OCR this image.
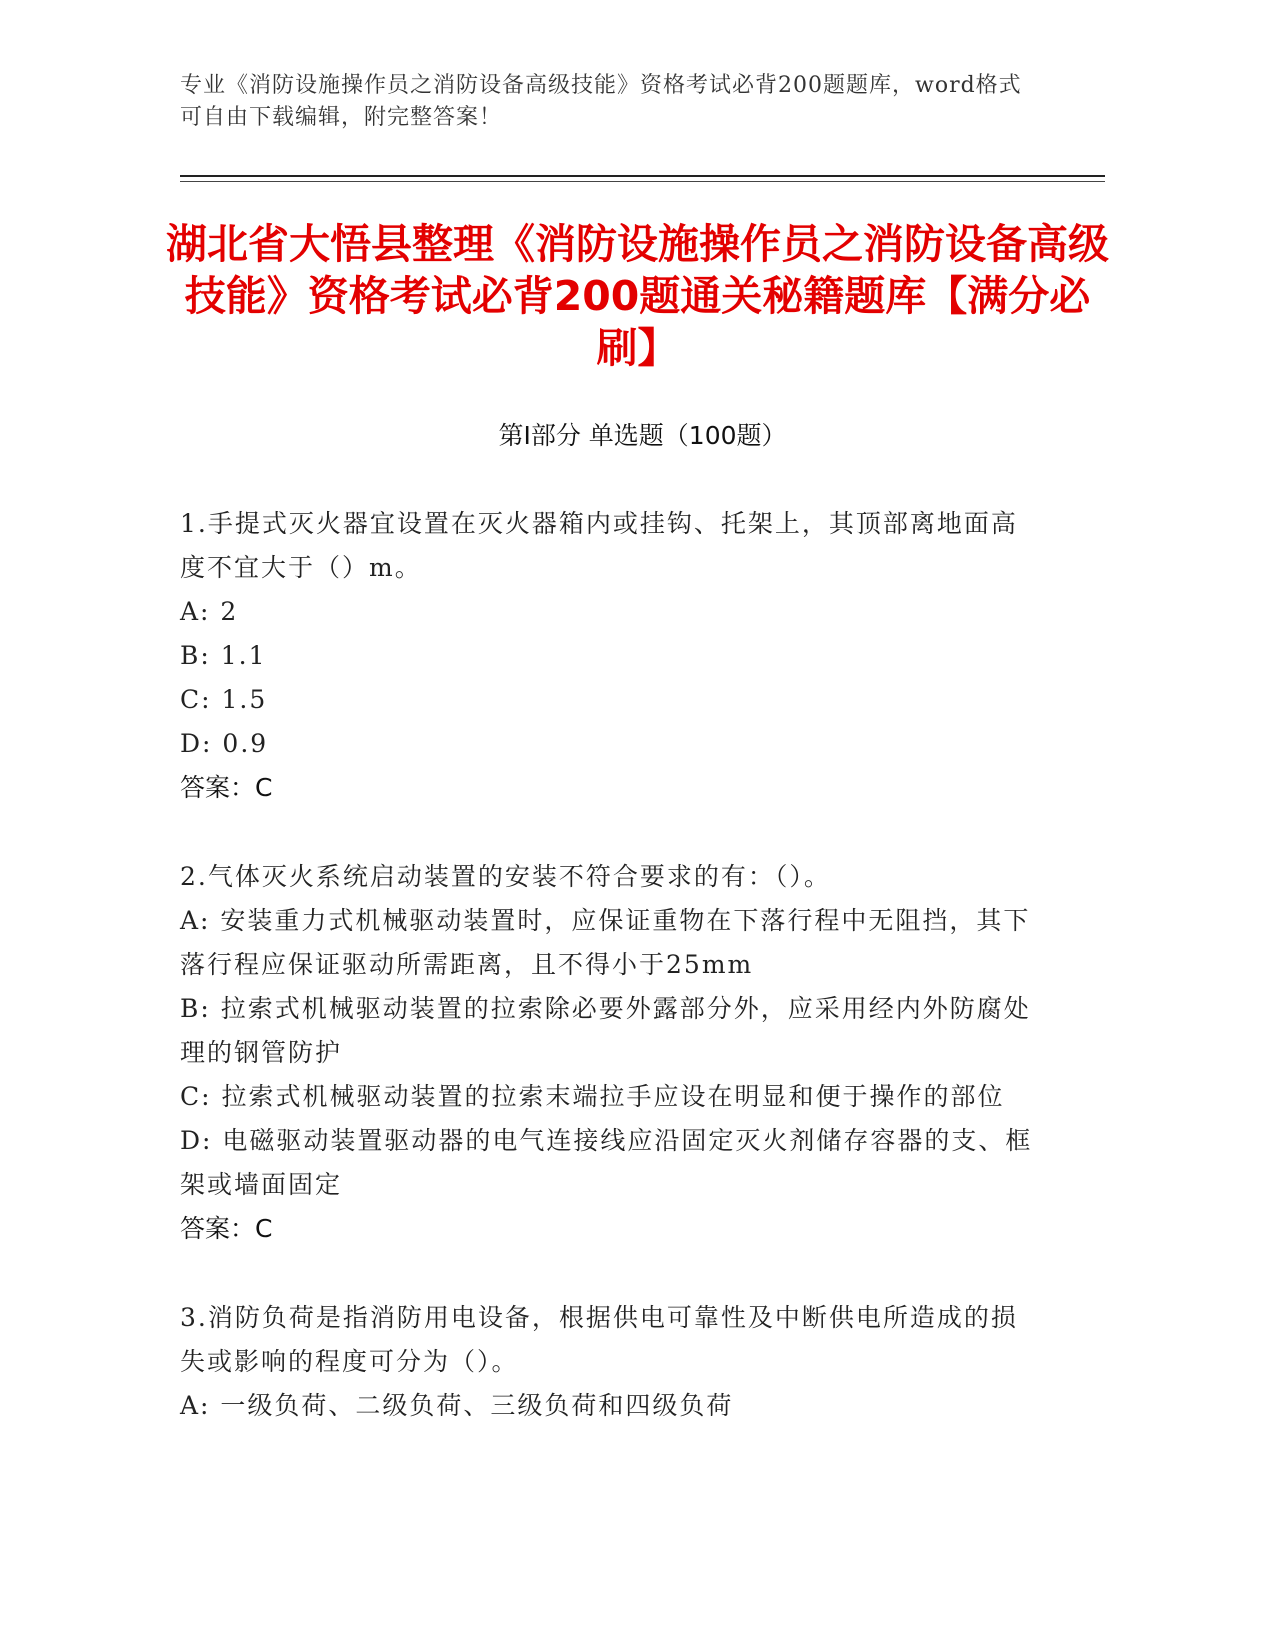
专业《消防设施操作员之消防设备高级技能》资格考试必背200题题库，word格式可自由下载编辑，附完整答案！
湖北省大悟县整理《消防设施操作员之消防设备高级技能》资格考试必背200题通关秘籍题库【满分必刷】
第Ⅰ部分 单选题（100题）

1.手提式灭火器宜设置在灭火器箱内或挂钩、托架上，其顶部离地面高度不宜大于（）m。

A: 2

B: 1.1

C: 1.5

D: 0.9

答案：C

2.气体灭火系统启动装置的安装不符合要求的有：（）。

A: 安装重力式机械驱动装置时，应保证重物在下落行程中无阻挡，其下落行程应保证驱动所需距离，且不得小于25mm

B: 拉索式机械驱动装置的拉索除必要外露部分外，应采用经内外防腐处理的钢管防护

C: 拉索式机械驱动装置的拉索末端拉手应设在明显和便于操作的部位

D: 电磁驱动装置驱动器的电气连接线应沿固定灭火剂储存容器的支、框架或墙面固定

答案：C

3.消防负荷是指消防用电设备，根据供电可靠性及中断供电所造成的损失或影响的程度可分为（）。

A: 一级负荷、二级负荷、三级负荷和四级负荷
